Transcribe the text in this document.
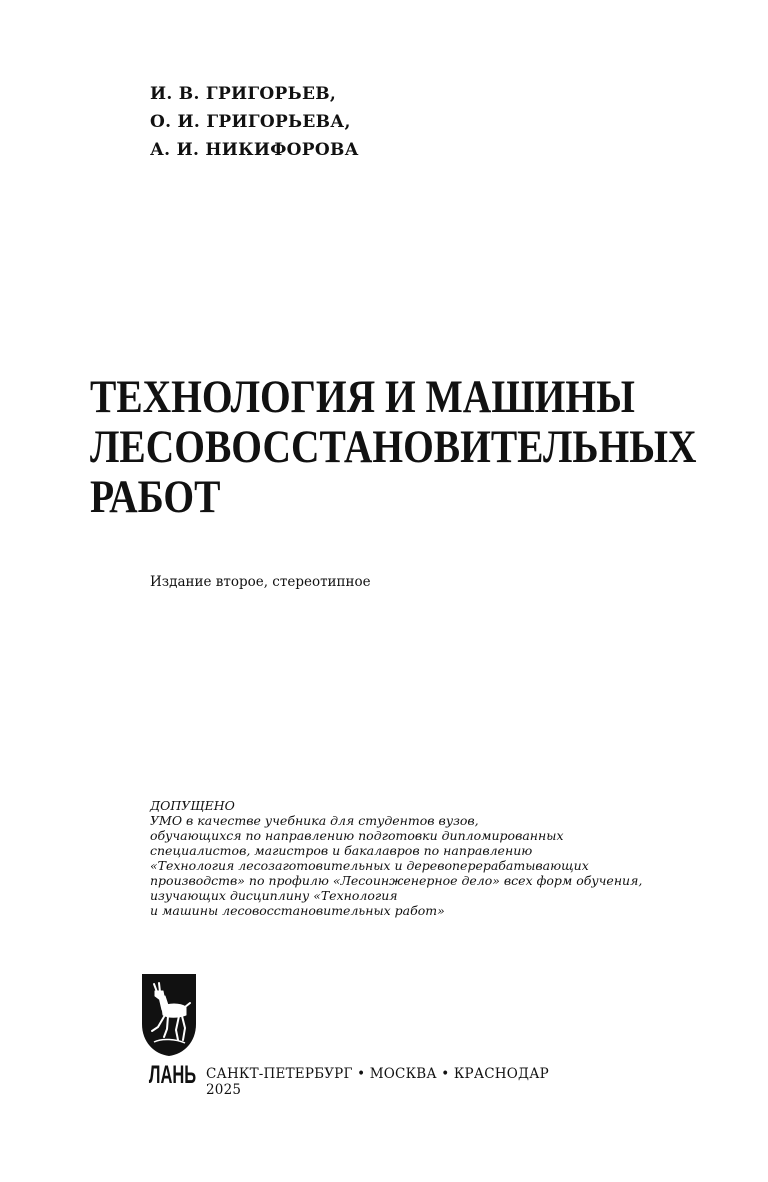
И. В. ГРИГОРЬЕВ,
О. И. ГРИГОРЬЕВА,
А. И. НИКИФОРОВА
ТЕХНОЛОГИЯ И МАШИНЫ
ЛЕСОВОССТАНОВИТЕЛЬНЫХ
РАБОТ
Издание второе, стереотипное
ДОПУЩЕНО
УМО в качестве учебника для студентов вузов,
обучающихся по направлению подготовки дипломированных
специалистов, магистров и бакалавров по направлению
«Технология лесозаготовительных и деревоперерабатывающих
производств» по профилю «Лесоинженерное дело» всех форм обучения,
изучающих дисциплину «Технология
и машины лесовосстановительных работ»
ЛАНЬ САНКТ-ПЕТЕРБУРГ • МОСКВА • КРАСНОДАР
2025
